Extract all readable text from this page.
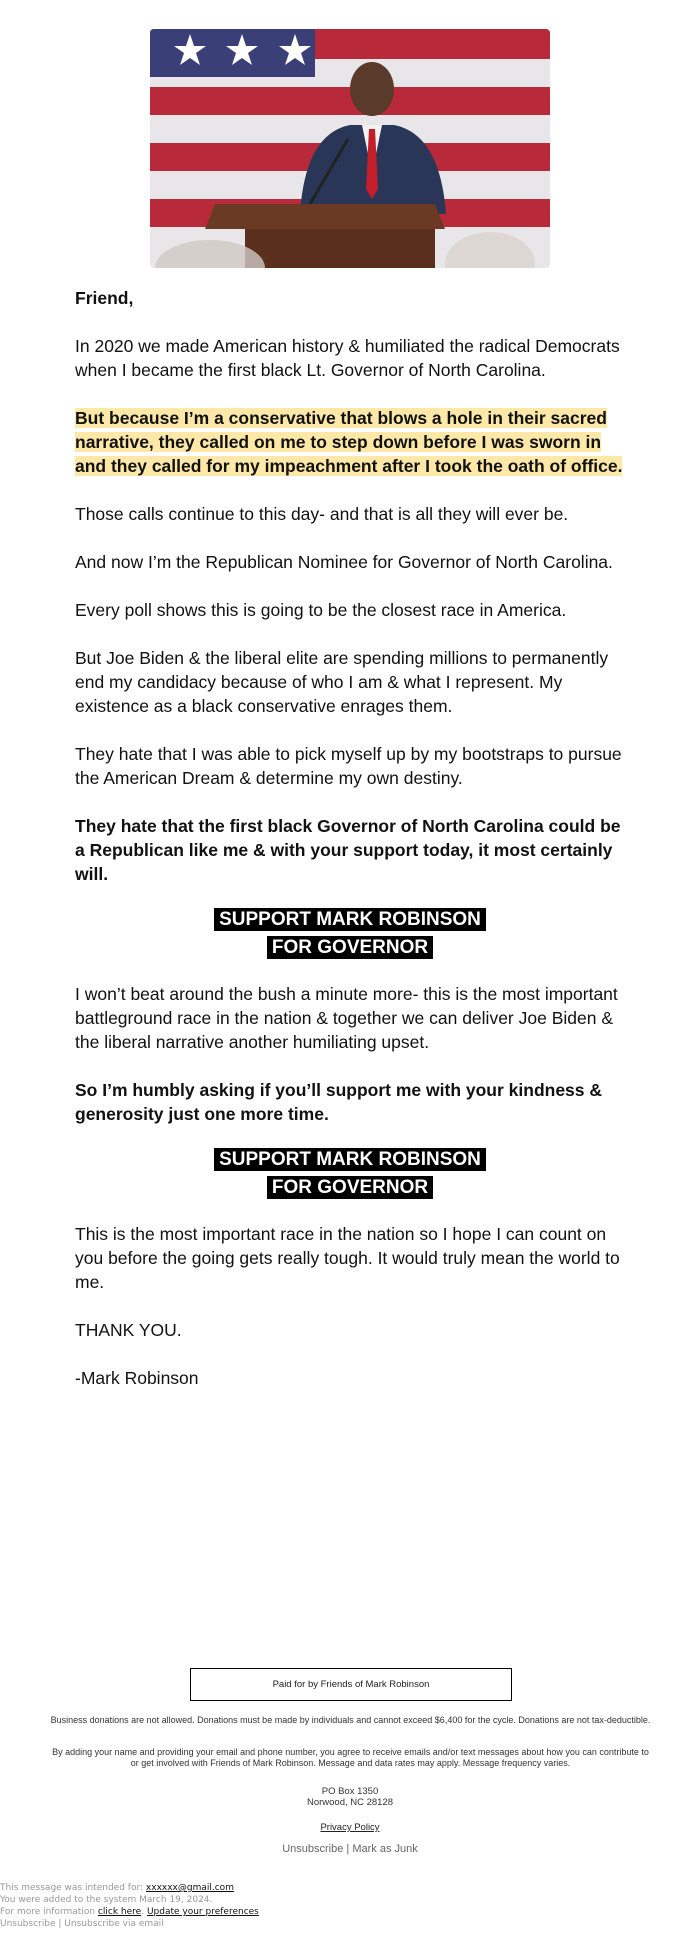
Friend,

In 2020 we made American history & humiliated the radical Democrats when I became the first black Lt. Governor of North Carolina.

But because I’m a conservative that blows a hole in their sacred narrative, they called on me to step down before I was sworn in and they called for my impeachment after I took the oath of office.

Those calls continue to this day- and that is all they will ever be.

And now I’m the Republican Nominee for Governor of North Carolina.

Every poll shows this is going to be the closest race in America.

But Joe Biden & the liberal elite are spending millions to permanently end my candidacy because of who I am & what I represent. My existence as a black conservative enrages them.

They hate that I was able to pick myself up by my bootstraps to pursue the American Dream & determine my own destiny.

They hate that the first black Governor of North Carolina could be a Republican like me & with your support today, it most certainly will.

SUPPORT MARK ROBINSON
FOR GOVERNOR

I won’t beat around the bush a minute more- this is the most important battleground race in the nation & together we can deliver Joe Biden & the liberal narrative another humiliating upset.

So I’m humbly asking if you’ll support me with your kindness & generosity just one more time.

SUPPORT MARK ROBINSON
FOR GOVERNOR

This is the most important race in the nation so I hope I can count on you before the going gets really tough. It would truly mean the world to me.

THANK YOU.

-Mark Robinson

Paid for by Friends of Mark Robinson
Business donations are not allowed. Donations must be made by individuals and cannot exceed $6,400 for the cycle. Donations are not tax-deductible.
By adding your name and providing your email and phone number, you agree to receive emails and/or text messages about how you can contribute to or get involved with Friends of Mark Robinson. Message and data rates may apply. Message frequency varies.
PO Box 1350
Norwood, NC 28128
Privacy Policy
Unsubscribe | Mark as Junk
This message was intended for: xxxxxx@gmail.com
You were added to the system March 19, 2024.
For more information click here. Update your preferences
Unsubscribe | Unsubscribe via email
